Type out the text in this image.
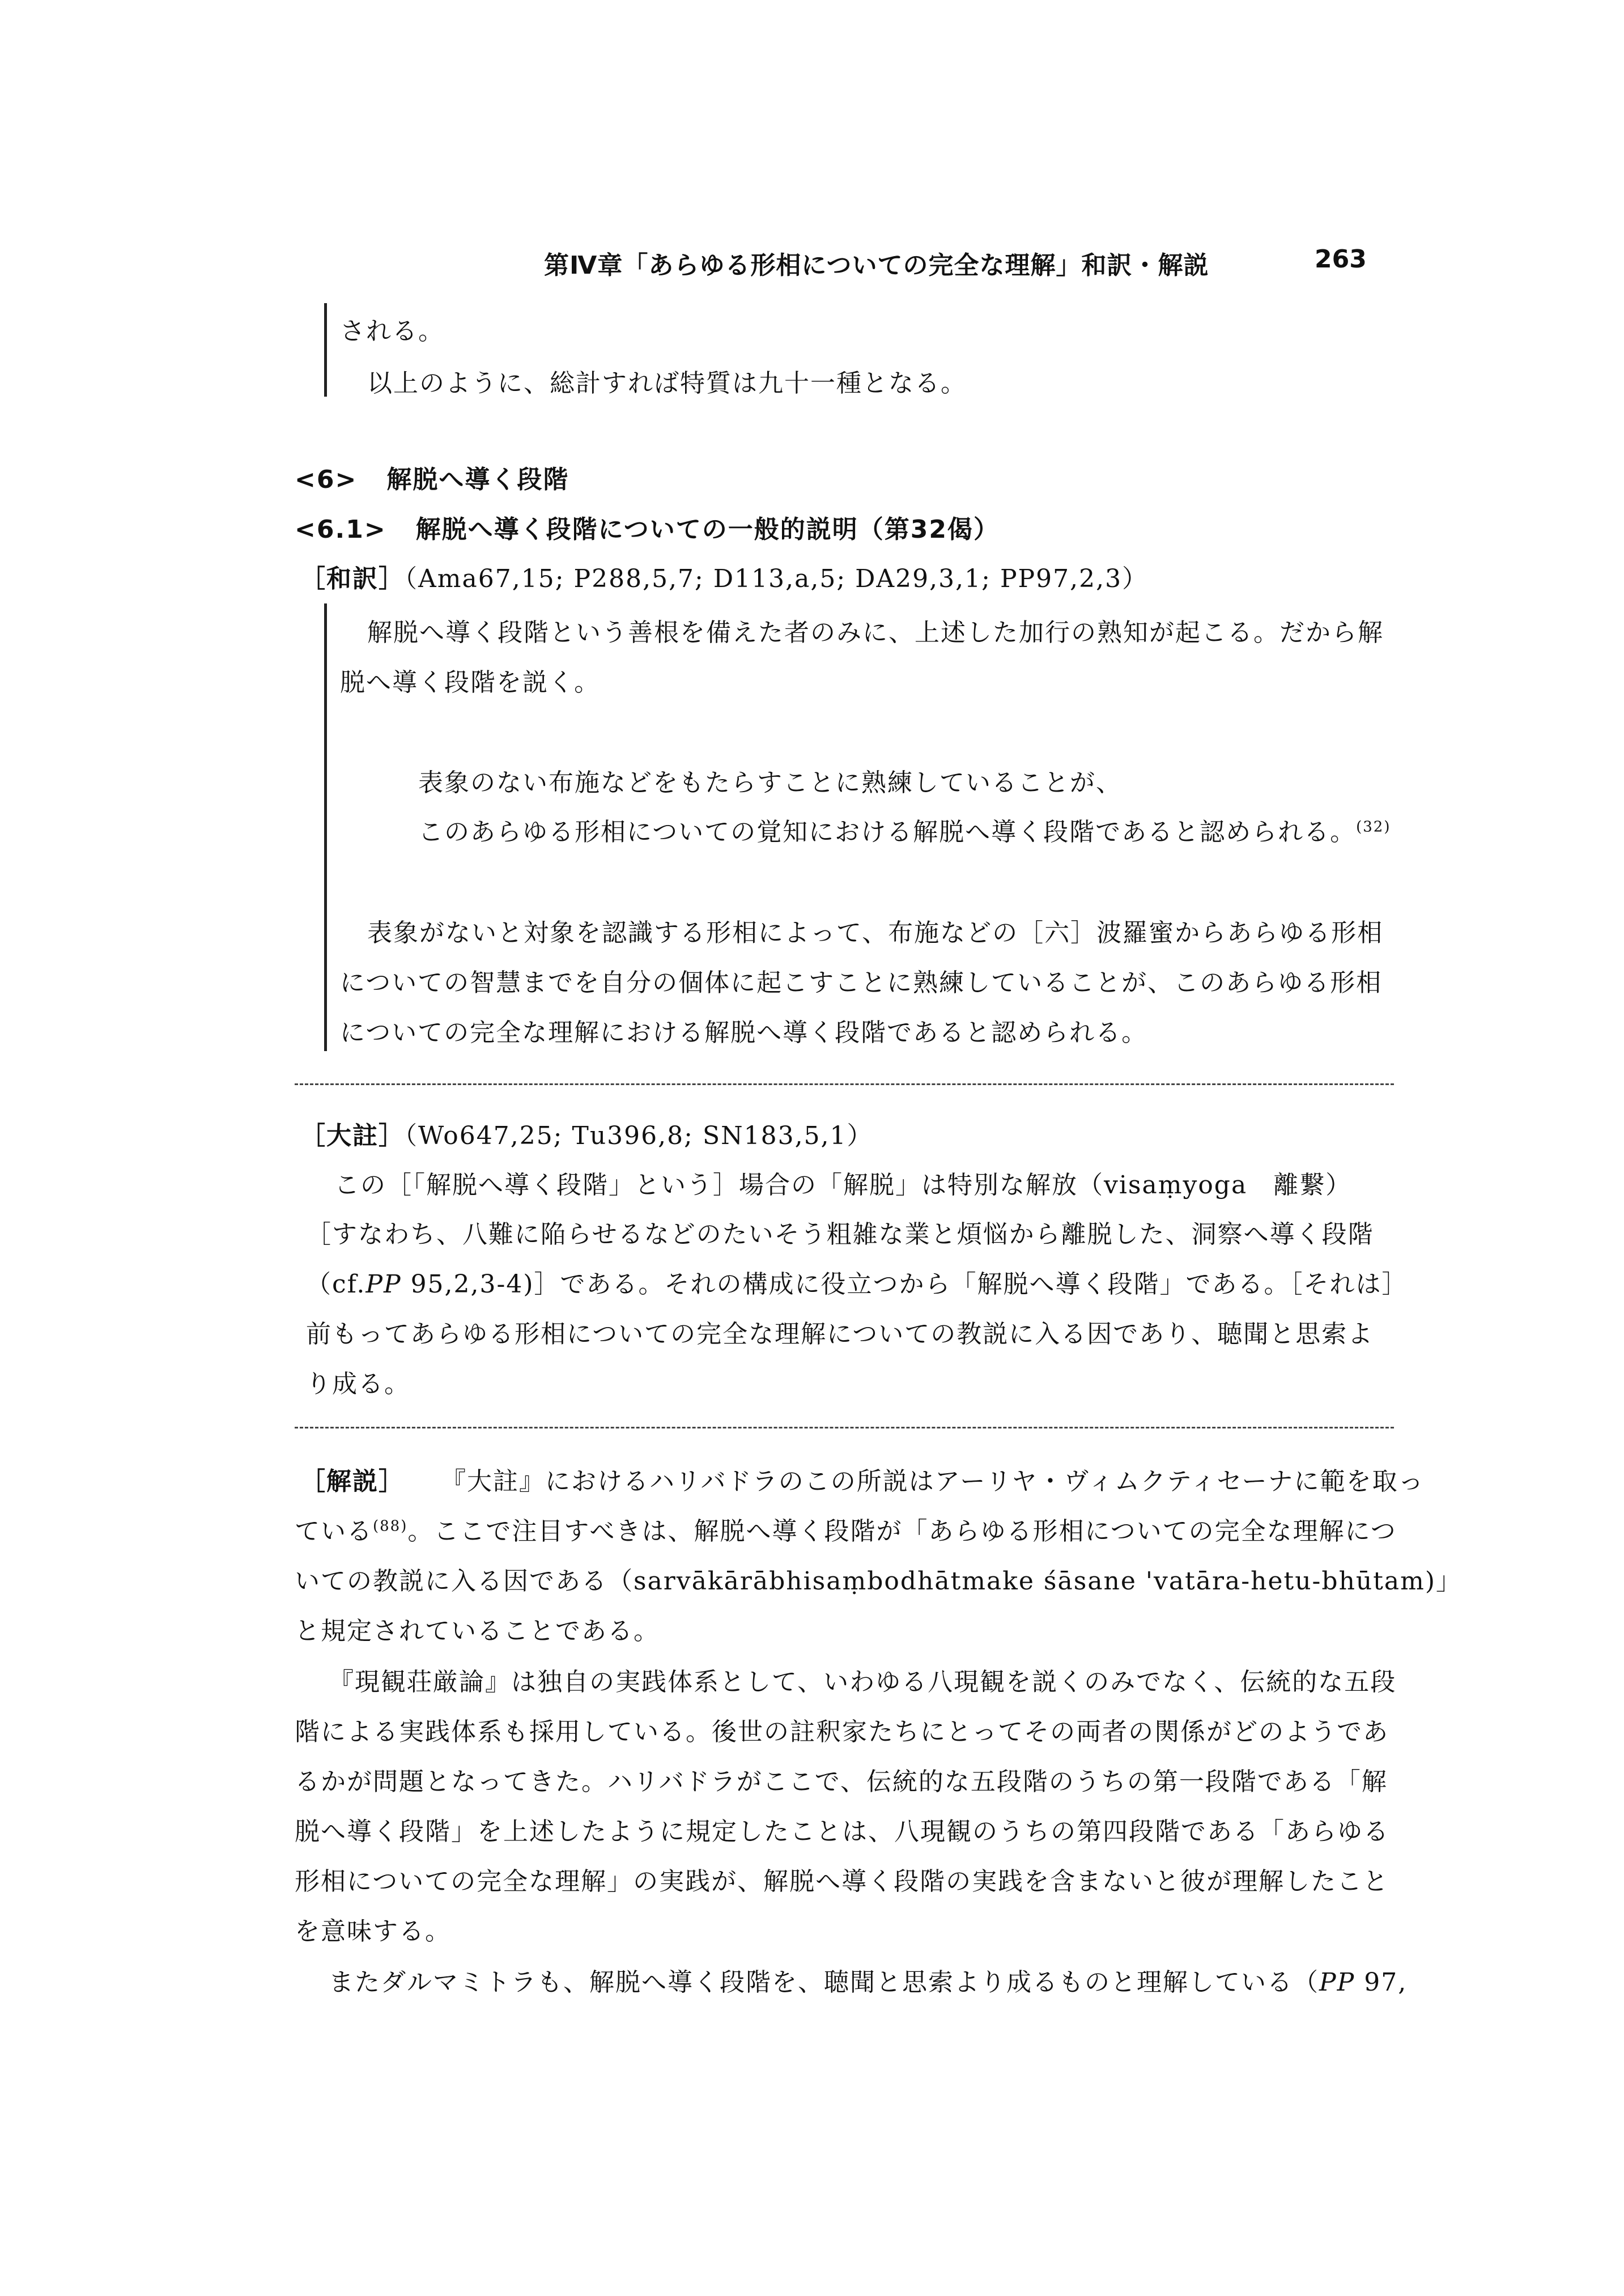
第Ⅳ章「あらゆる形相についての完全な理解」和訳・解説	263
される。
以上のように、総計すれば特質は九十一種となる。
<6> 解脱へ導く段階
<6.1> 解脱へ導く段階についての一般的説明（第32偈）
［和訳］（Ama67,15; P288,5,7; D113,a,5; DA29,3,1; PP97,2,3）
解脱へ導く段階という善根を備えた者のみに、上述した加行の熟知が起こる。だから解
脱へ導く段階を説く。
表象のない布施などをもたらすことに熟練していることが、
このあらゆる形相についての覚知における解脱へ導く段階であると認められる。$^{(32)}$
表象がないと対象を認識する形相によって、布施などの［六］波羅蜜からあらゆる形相
についての智慧までを自分の個体に起こすことに熟練していることが、このあらゆる形相
についての完全な理解における解脱へ導く段階であると認められる。
［大註］（Wo647,25; Tu396,8; SN183,5,1）
この［「解脱へ導く段階」という］場合の「解脱」は特別な解放（visaṃyoga　離繋）
［すなわち、八難に陥らせるなどのたいそう粗雑な業と煩悩から離脱した、洞察へ導く段階
（cf.PP 95,2,3-4)］である。それの構成に役立つから「解脱へ導く段階」である。［それは］
前もってあらゆる形相についての完全な理解についての教説に入る因であり、聴聞と思索よ
り成る。
［解説］ 『大註』におけるハリバドラのこの所説はアーリヤ・ヴィムクティセーナに範を取っ
ている$^{(88)}$。ここで注目すべきは、解脱へ導く段階が「あらゆる形相についての完全な理解につ
いての教説に入る因である（sarvākārābhisaṃbodhātmake śāsane 'vatāra-hetu-bhūtam)」
と規定されていることである。
『現観荘厳論』は独自の実践体系として、いわゆる八現観を説くのみでなく、伝統的な五段
階による実践体系も採用している。後世の註釈家たちにとってその両者の関係がどのようであ
るかが問題となってきた。ハリバドラがここで、伝統的な五段階のうちの第一段階である「解
脱へ導く段階」を上述したように規定したことは、八現観のうちの第四段階である「あらゆる
形相についての完全な理解」の実践が、解脱へ導く段階の実践を含まないと彼が理解したこと
を意味する。
またダルマミトラも、解脱へ導く段階を、聴聞と思索より成るものと理解している（PP 97,
